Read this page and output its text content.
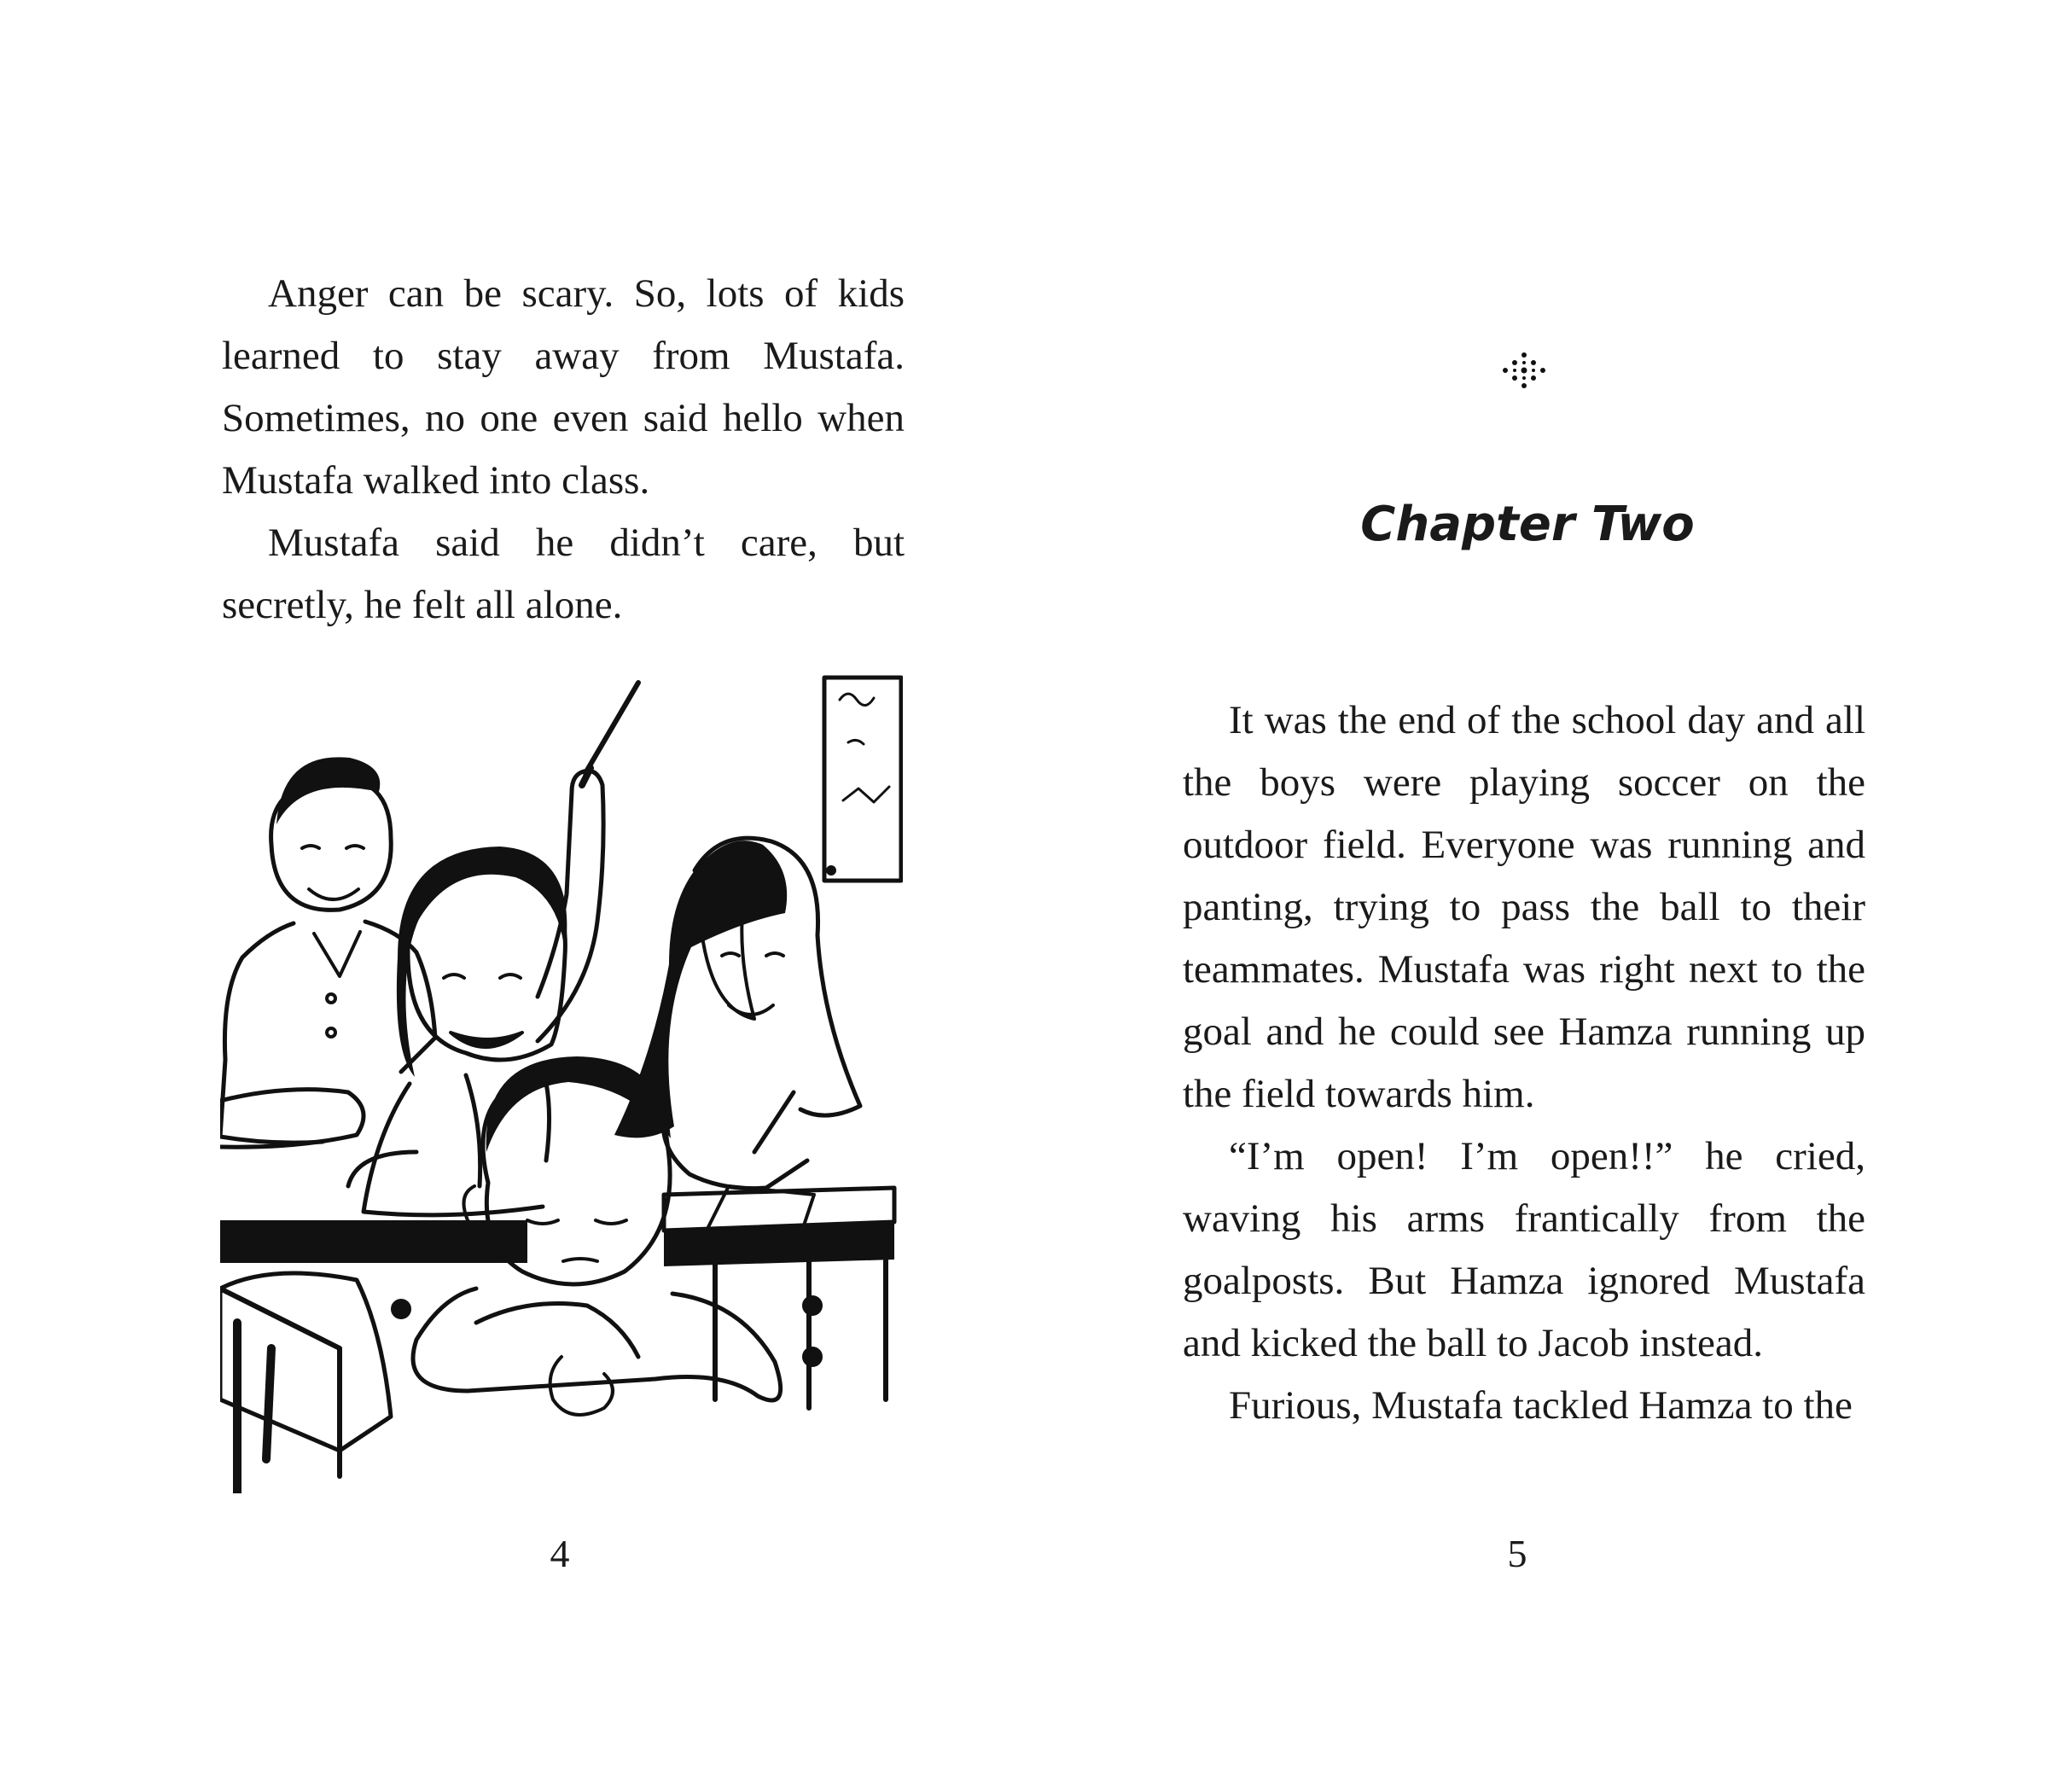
Anger can be scary. So, lots of kids learned to stay away from Mustafa. Sometimes, no one even said hello when Mustafa walked into class.

Mustafa said he didn’t care, but secretly, he felt all alone.

4
Chapter Two

It was the end of the school day and all the boys were playing soccer on the outdoor field. Everyone was running and panting, trying to pass the ball to their teammates. Mustafa was right next to the goal and he could see Hamza running up the field towards him.

“I’m open! I’m open!!” he cried, waving his arms frantically from the goalposts. But Hamza ignored Mustafa and kicked the ball to Jacob instead.

Furious, Mustafa tackled Hamza to the

5
